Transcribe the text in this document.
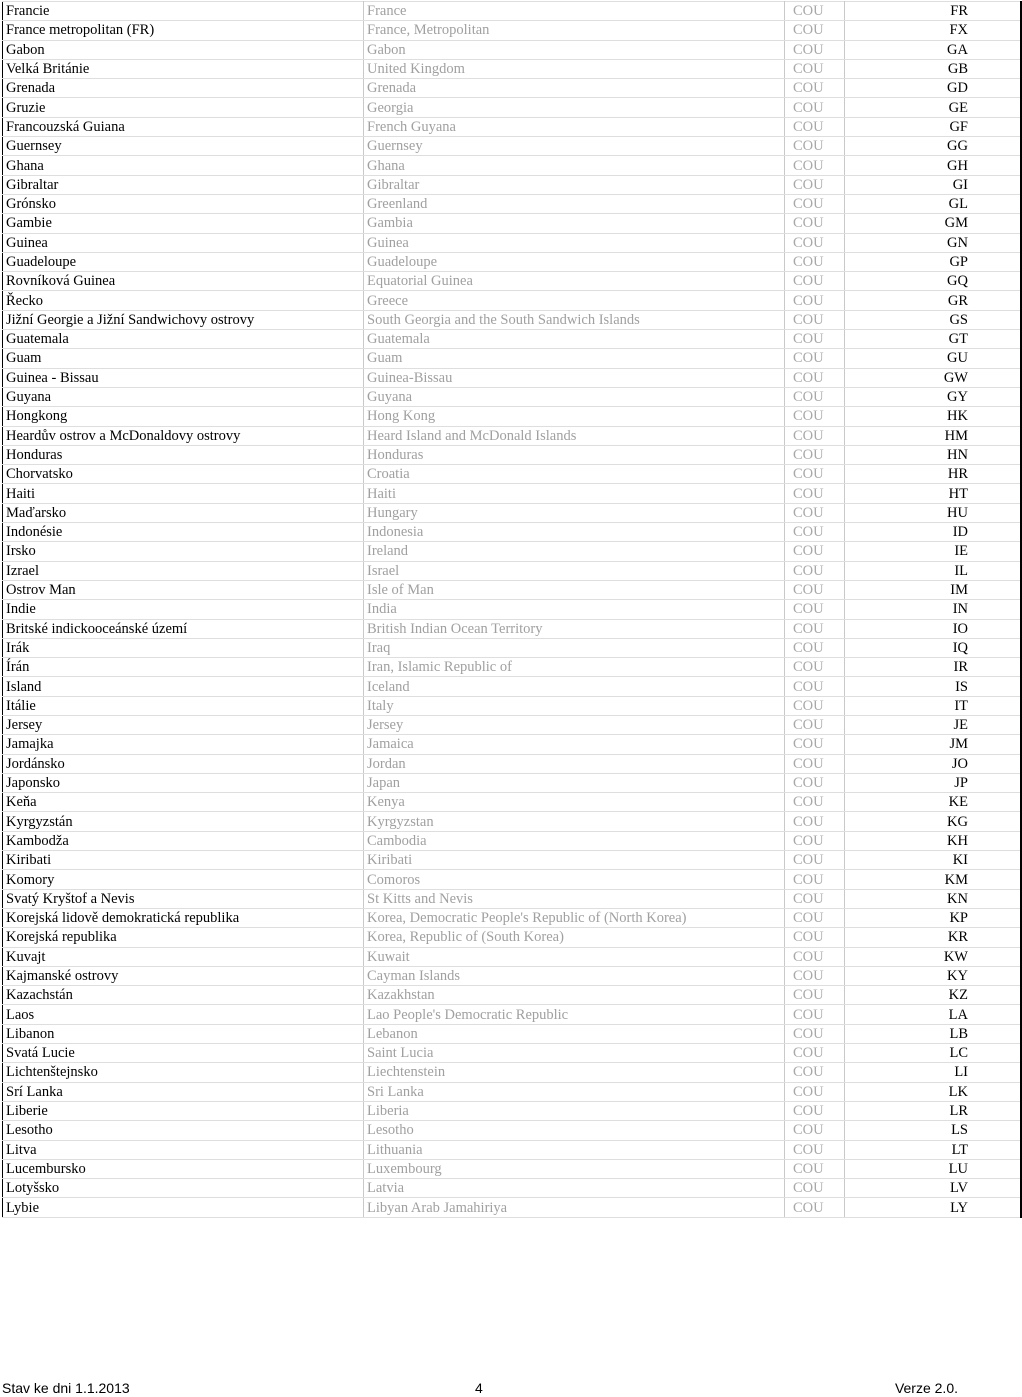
Francie	France	COU	FR
France metropolitan (FR)	France, Metropolitan	COU	FX
Gabon	Gabon	COU	GA
Velká Británie	United Kingdom	COU	GB
Grenada	Grenada	COU	GD
Gruzie	Georgia	COU	GE
Francouzská Guiana	French Guyana	COU	GF
Guernsey	Guernsey	COU	GG
Ghana	Ghana	COU	GH
Gibraltar	Gibraltar	COU	GI
Grónsko	Greenland	COU	GL
Gambie	Gambia	COU	GM
Guinea	Guinea	COU	GN
Guadeloupe	Guadeloupe	COU	GP
Rovníková Guinea	Equatorial Guinea	COU	GQ
Řecko	Greece	COU	GR
Jižní Georgie a Jižní Sandwichovy ostrovy	South Georgia and the South Sandwich Islands	COU	GS
Guatemala	Guatemala	COU	GT
Guam	Guam	COU	GU
Guinea - Bissau	Guinea-Bissau	COU	GW
Guyana	Guyana	COU	GY
Hongkong	Hong Kong	COU	HK
Heardův ostrov a McDonaldovy ostrovy	Heard Island and McDonald Islands	COU	HM
Honduras	Honduras	COU	HN
Chorvatsko	Croatia	COU	HR
Haiti	Haiti	COU	HT
Maďarsko	Hungary	COU	HU
Indonésie	Indonesia	COU	ID
Irsko	Ireland	COU	IE
Izrael	Israel	COU	IL
Ostrov Man	Isle of Man	COU	IM
Indie	India	COU	IN
Britské indickooceánské území	British Indian Ocean Territory	COU	IO
Irák	Iraq	COU	IQ
Írán	Iran, Islamic Republic of	COU	IR
Island	Iceland	COU	IS
Itálie	Italy	COU	IT
Jersey	Jersey	COU	JE
Jamajka	Jamaica	COU	JM
Jordánsko	Jordan	COU	JO
Japonsko	Japan	COU	JP
Keňa	Kenya	COU	KE
Kyrgyzstán	Kyrgyzstan	COU	KG
Kambodža	Cambodia	COU	KH
Kiribati	Kiribati	COU	KI
Komory	Comoros	COU	KM
Svatý Kryštof a Nevis	St Kitts and Nevis	COU	KN
Korejská lidově demokratická republika	Korea, Democratic People's Republic of (North Korea)	COU	KP
Korejská republika	Korea, Republic of (South Korea)	COU	KR
Kuvajt	Kuwait	COU	KW
Kajmanské ostrovy	Cayman Islands	COU	KY
Kazachstán	Kazakhstan	COU	KZ
Laos	Lao People's Democratic Republic	COU	LA
Libanon	Lebanon	COU	LB
Svatá Lucie	Saint Lucia	COU	LC
Lichtenštejnsko	Liechtenstein	COU	LI
Srí Lanka	Sri Lanka	COU	LK
Liberie	Liberia	COU	LR
Lesotho	Lesotho	COU	LS
Litva	Lithuania	COU	LT
Lucembursko	Luxembourg	COU	LU
Lotyšsko	Latvia	COU	LV
Lybie	Libyan Arab Jamahiriya	COU	LY
Stav ke dni 1.1.2013	4	Verze 2.0.
